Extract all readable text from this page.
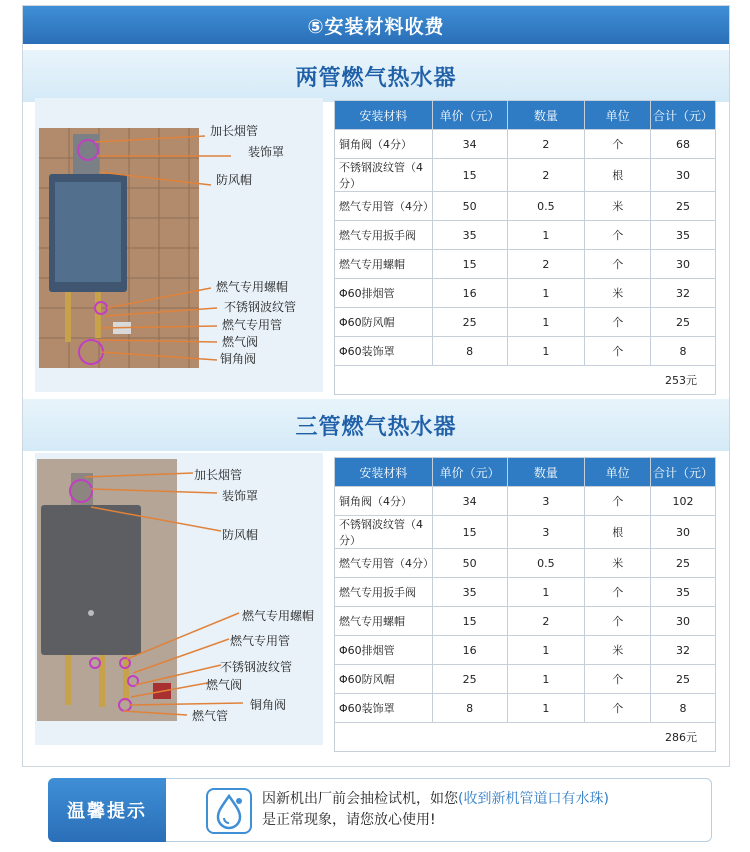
⑤安装材料收费
两管燃气热水器
加长烟管
装饰罩
防风帽
燃气专用螺帽
不锈钢波纹管
燃气专用管
燃气阀
铜角阀
安装材料	单价（元）	数量	单位	合计（元）
铜角阀（4分）	34	2	个	68
不锈钢波纹管（4分）	15	2	根	30
燃气专用管（4分）	50	0.5	米	25
燃气专用扳手阀	35	1	个	35
燃气专用螺帽	15	2	个	30
Φ60排烟管	16	1	米	32
Φ60防风帽	25	1	个	25
Φ60装饰罩	8	1	个	8
253元				
三管燃气热水器
加长烟管
装饰罩
防风帽
燃气专用螺帽
燃气专用管
不锈钢波纹管
燃气阀
铜角阀
燃气管
安装材料	单价（元）	数量	单位	合计（元）
铜角阀（4分）	34	3	个	102
不锈钢波纹管（4分）	15	3	根	30
燃气专用管（4分）	50	0.5	米	25
燃气专用扳手阀	35	1	个	35
燃气专用螺帽	15	2	个	30
Φ60排烟管	16	1	米	32
Φ60防风帽	25	1	个	25
Φ60装饰罩	8	1	个	8
286元				
温馨提示
因新机出厂前会抽检试机，如您(收到新机管道口有水珠)
是正常现象，请您放心使用!
